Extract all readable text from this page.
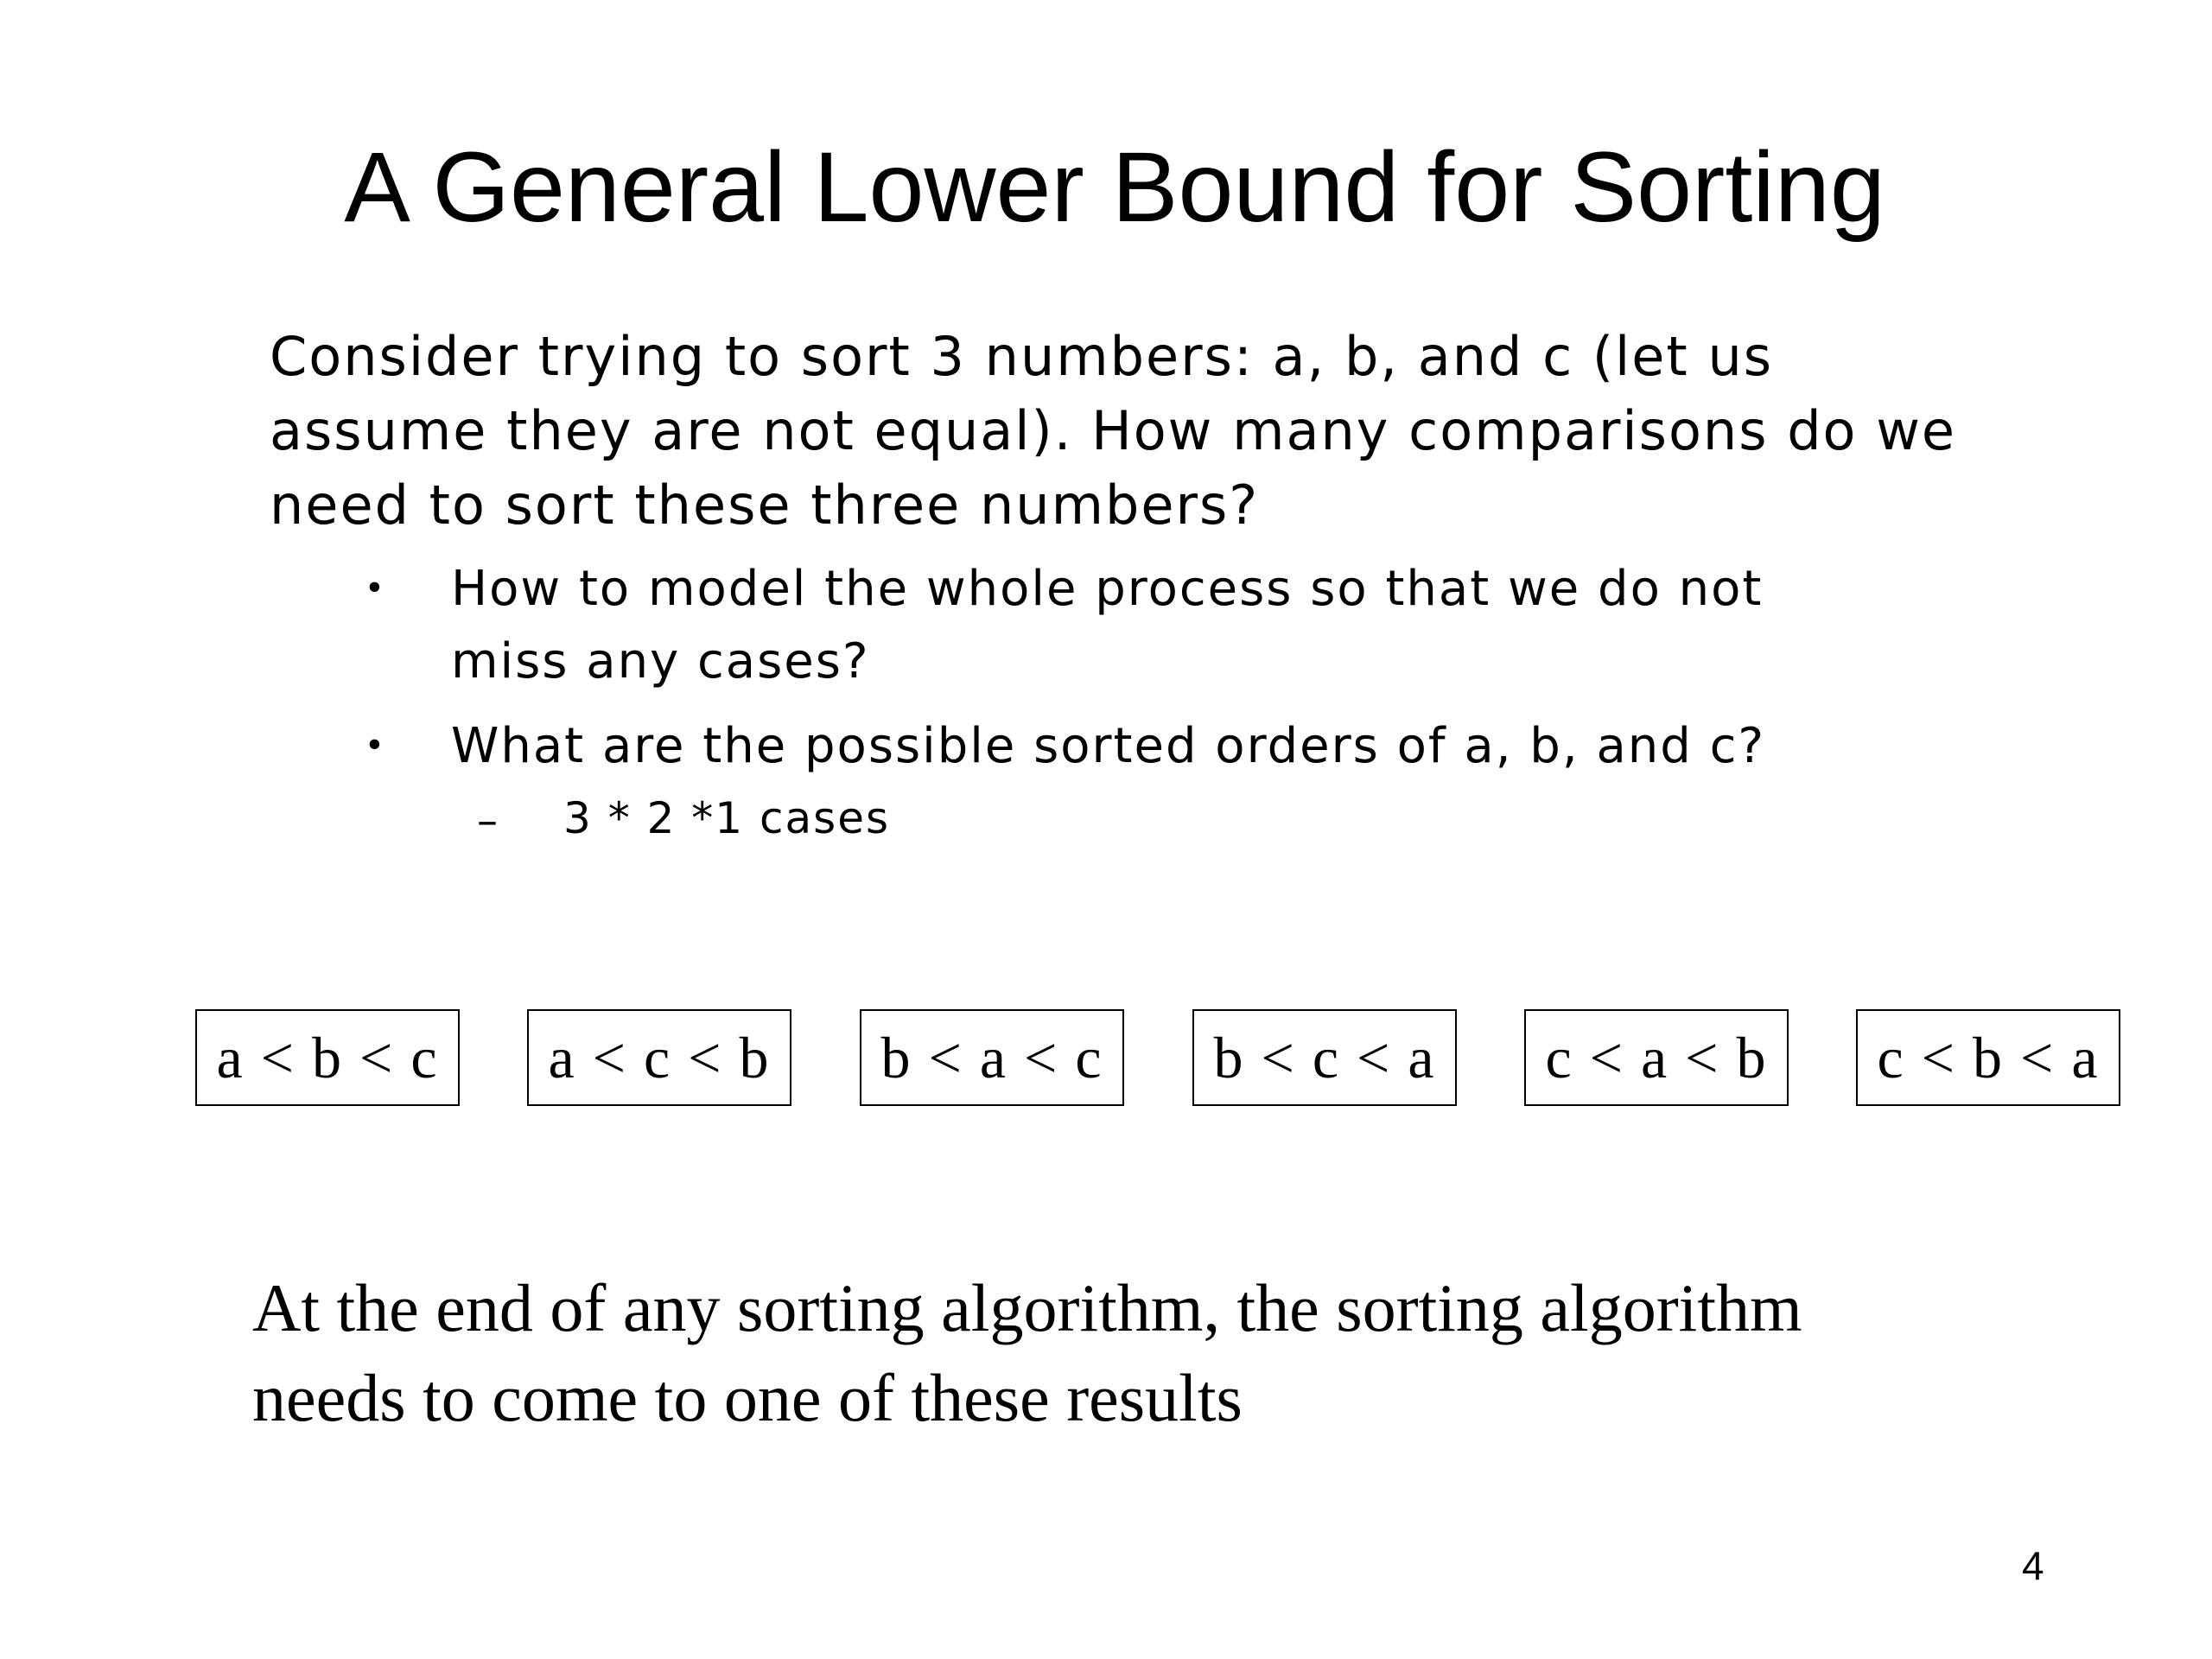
A General Lower Bound for Sorting
Consider trying to sort 3 numbers: a, b, and c (let us
assume they are not equal). How many comparisons do we
need to sort these three numbers?
• How to model the whole process so that we do not
miss any cases?
• What are the possible sorted orders of a, b, and c?
– 3 * 2 *1 cases
a < b < c	a < c < b	b < a < c	b < c < a	c < a < b	c < b < a
At the end of any sorting algorithm, the sorting algorithm
needs to come to one of these results
4
